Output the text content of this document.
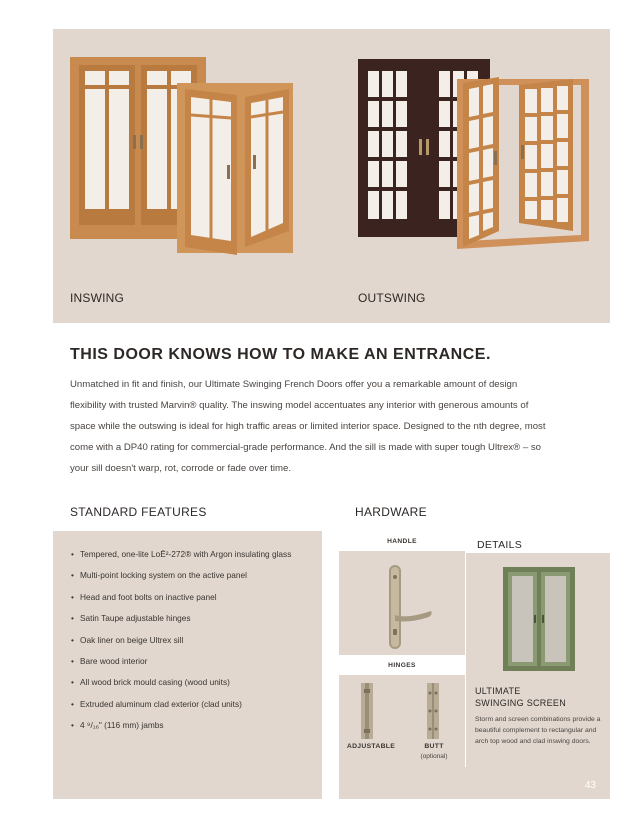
INSWING	OUTSWING
THIS DOOR KNOWS HOW TO MAKE AN ENTRANCE.

Unmatched in fit and finish, our Ultimate Swinging French Doors offer you a remarkable amount of design flexibility with trusted Marvin® quality. The inswing model accentuates any interior with generous amounts of space while the outswing is ideal for high traffic areas or limited interior space. Designed to the nth degree, most come with a DP40 rating for commercial-grade performance. And the sill is made with super tough Ultrex® – so your sill doesn't warp, rot, corrode or fade over time.

STANDARD FEATURES	HARDWARE
• Tempered, one-lite LoĒ²-272® with Argon insulating glass
• Multi-point locking system on the active panel
• Head and foot bolts on inactive panel
• Satin Taupe adjustable hinges
• Oak liner on beige Ultrex sill
• Bare wood interior
• All wood brick mould casing (wood units)
• Extruded aluminum clad exterior (clad units)
• 4 ⁹/₁₆" (116 mm) jambs
HANDLE
HINGES
ADJUSTABLE	BUTT
(optional)
DETAILS
ULTIMATE
SWINGING SCREEN

Storm and screen combinations provide a beautiful complement to rectangular and arch top wood and clad inswing doors.

43
